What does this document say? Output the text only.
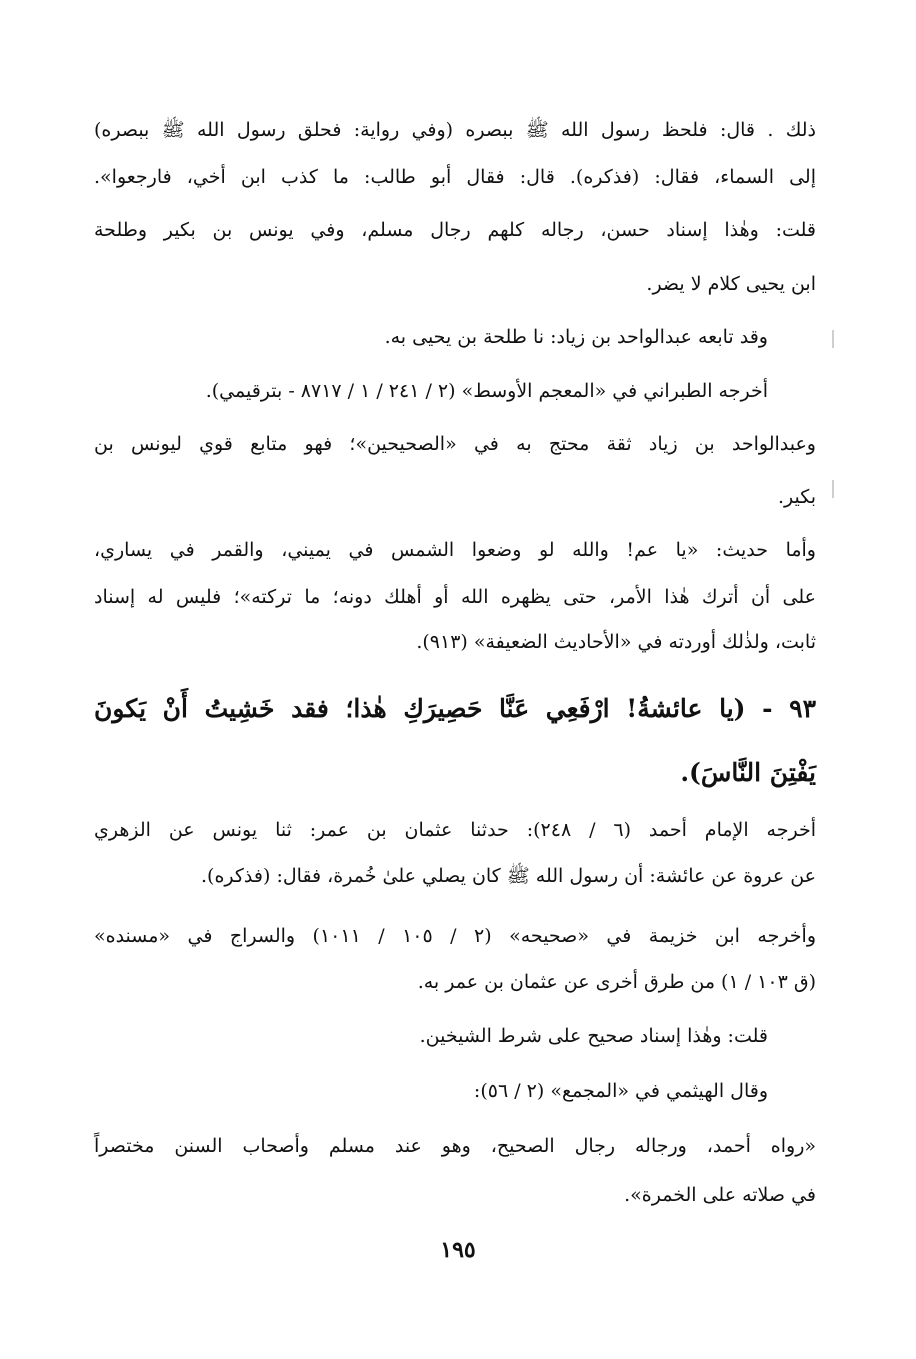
ذلك . قال: فلحظ رسول الله ﷺ ببصره (وفي رواية: فحلق رسول الله ﷺ ببصره)
إلى السماء، فقال: (فذكره). قال: فقال أبو طالب: ما كذب ابن أخي، فارجعوا».
قلت: وهٰذا إسناد حسن، رجاله كلهم رجال مسلم، وفي يونس بن بكير وطلحة
ابن يحيى كلام لا يضر.
وقد تابعه عبدالواحد بن زياد: نا طلحة بن يحيى به.
أخرجه الطبراني في «المعجم الأوسط» (٢ / ٢٤١ / ١ / ٨٧١٧ - بترقيمي).
وعبدالواحد بن زياد ثقة محتج به في «الصحيحين»؛ فهو متابع قوي ليونس بن
بكير.
وأما حديث: «يا عم! والله لو وضعوا الشمس في يميني، والقمر في يساري،
على أن أترك هٰذا الأمر، حتى يظهره الله أو أهلك دونه؛ ما تركته»؛ فليس له إسناد
ثابت، ولذٰلك أوردته في «الأحاديث الضعيفة» (٩١٣).
٩٣ - (يا عائشةُ! ارْفَعِي عَنَّا حَصِيرَكِ هٰذا؛ فقد خَشِيتُ أَنْ يَكونَ
يَفْتِنَ النَّاسَ).
أخرجه الإمام أحمد (٦ / ٢٤٨): حدثنا عثمان بن عمر: ثنا يونس عن الزهري
عن عروة عن عائشة: أن رسول الله ﷺ كان يصلي علىٰ خُمرة، فقال: (فذكره).
وأخرجه ابن خزيمة في «صحيحه» (٢ / ١٠٥ / ١٠١١) والسراج في «مسنده»
(ق ١٠٣ / ١) من طرق أخرى عن عثمان بن عمر به.
قلت: وهٰذا إسناد صحيح على شرط الشيخين.
وقال الهيثمي في «المجمع» (٢ / ٥٦):
«رواه أحمد، ورجاله رجال الصحيح، وهو عند مسلم وأصحاب السنن مختصراً
في صلاته على الخمرة».
١٩٥
